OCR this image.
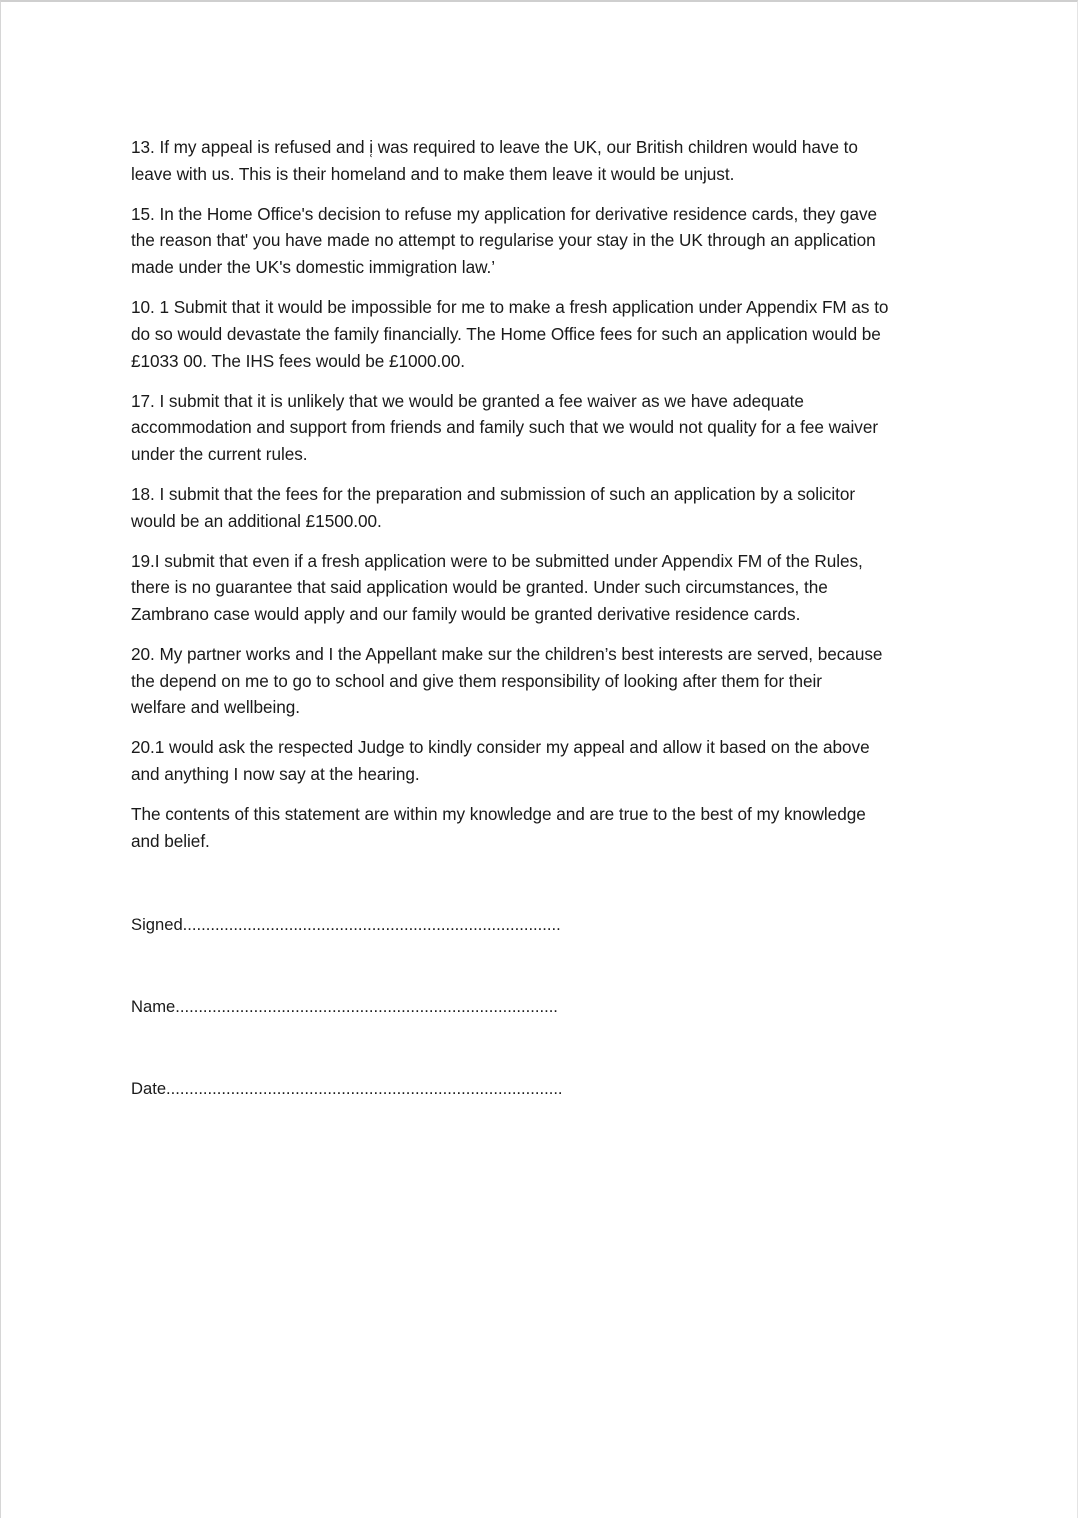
13. If my appeal is refused and i̜ was required to leave the UK, our British children would have to
leave with us. This is their homeland and to make them leave it would be unjust.

15. In the Home Office's decision to refuse my application for derivative residence cards, they gave
the reason that' you have made no attempt to regularise your stay in the UK through an application
made under the UK's domestic immigration law.’

10. 1 Submit that it would be impossible for me to make a fresh application under Appendix FM as to
do so would devastate the family financially. The Home Office fees for such an application would be
£1033 00. The IHS fees would be £1000.00.

17. I submit that it is unlikely that we would be granted a fee waiver as we have adequate
accommodation and support from friends and family such that we would not quality for a fee waiver
under the current rules.

18. I submit that the fees for the preparation and submission of such an application by a solicitor
would be an additional £1500.00.

19.I submit that even if a fresh application were to be submitted under Appendix FM of the Rules,
there is no guarantee that said application would be granted. Under such circumstances, the
Zambrano case would apply and our family would be granted derivative residence cards.

20. My partner works and I the Appellant make sur the children’s best interests are served, because
the depend on me to go to school and give them responsibility of looking after them for their
welfare and wellbeing.

20.1 would ask the respected Judge to kindly consider my appeal and allow it based on the above
and anything I now say at the hearing.

The contents of this statement are within my knowledge and are true to the best of my knowledge
and belief.

Signed..................................................................................
Name...................................................................................
Date......................................................................................
